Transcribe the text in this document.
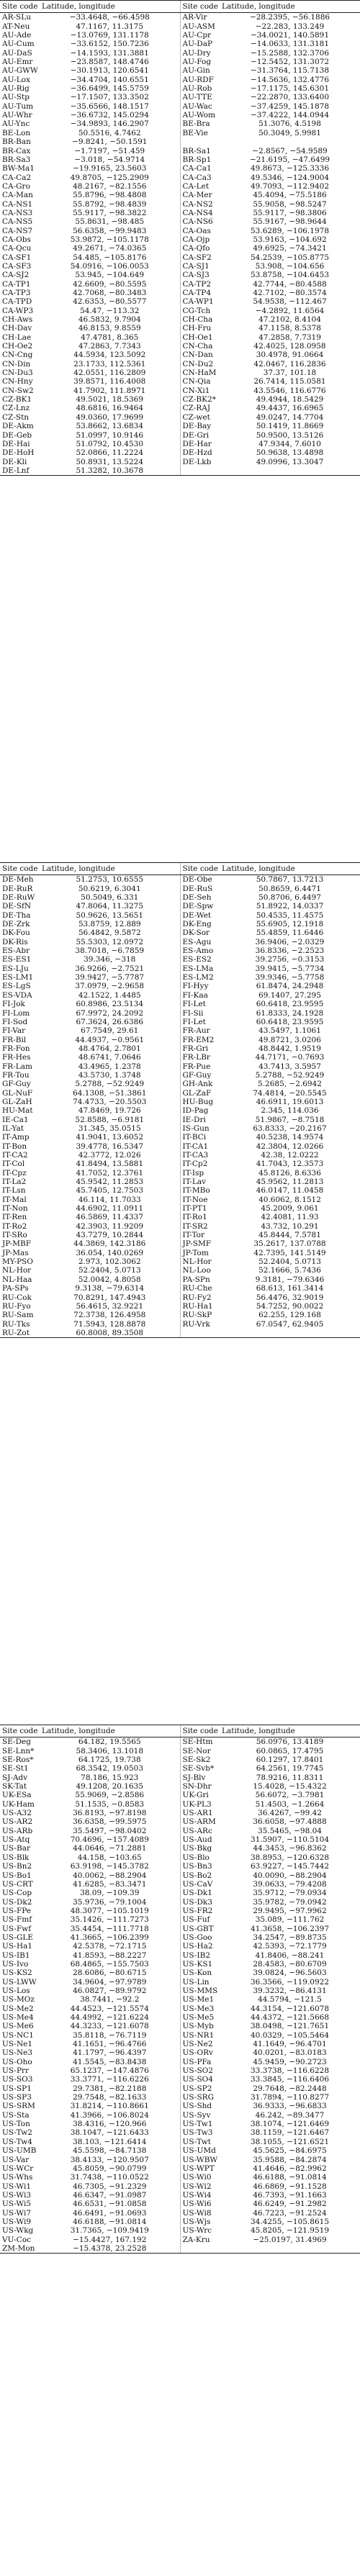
Site code	Latitude, longitude	Site code	Latitude, longitude
AR-SLu	−33.4648, −66.4598	AR-Vir	−28.2395, −56.1886
AT-Neu	47.1167, 11.3175	AU-ASM	−22.283, 133.249
AU-Ade	−13.0769, 131.1178	AU-Cpr	−34.0021, 140.5891
AU-Cum	−33.6152, 150.7236	AU-DaP	−14.0633, 131.3181
AU-DaS	−14.1593, 131.3881	AU-Dry	−15.2588, 132.3706
AU-Emr	−23.8587, 148.4746	AU-Fog	−12.5452, 131.3072
AU-GWW	−30.1913, 120.6541	AU-Gin	−31.3764, 115.7138
AU-Lox	−34.4704, 140.6551	AU-RDF	−14.5636, 132.4776
AU-Rig	−36.6499, 145.5759	AU-Rob	−17.1175, 145.6301
AU-Stp	−17.1507, 133.3502	AU-TTE	−22.2870, 133.6400
AU-Tum	−35.6566, 148.1517	AU-Wac	−37.4259, 145.1878
AU-Whr	−36.6732, 145.0294	AU-Wom	−37.4222, 144.0944
AU-Ync	−34.9893, 146.2907	BE-Bra	51.3076, 4.5198
BE-Lon	50.5516, 4.7462	BE-Vie	50.3049, 5.9981
BR-Ban	−9.8241, −50.1591		
BR-Cax	−1.7197, −51.459	BR-Sa1	−2.8567, −54.9589
BR-Sa3	−3.018, −54.9714	BR-Sp1	−21.6195, −47.6499
BW-Ma1	−19.9165, 23.5603	CA-Ca1	49.8673, −125.3336
CA-Ca2	49.8705, −125.2909	CA-Ca3	49.5346, −124.9004
CA-Gro	48.2167, −82.1556	CA-Let	49.7093, −112.9402
CA-Man	55.8796, −98.4808	CA-Mer	45.4094, −75.5186
CA-NS1	55.8792, −98.4839	CA-NS2	55.9058, −98.5247
CA-NS3	55.9117, −98.3822	CA-NS4	55.9117, −98.3806
CA-NS5	55.8631, −98.485	CA-NS6	55.9167, −98.9644
CA-NS7	56.6358, −99.9483	CA-Oas	53.6289, −106.1978
CA-Obs	53.9872, −105.1178	CA-Ojp	53.9163, −104.692
CA-Qcu	49.2671, −74.0365	CA-Qfo	49.6925, −74.3421
CA-SF1	54.485, −105.8176	CA-SF2	54.2539, −105.8775
CA-SF3	54.0916, −106.0053	CA-SJ1	53.908, −104.656
CA-SJ2	53.945, −104.649	CA-SJ3	53.8758, −104.6453
CA-TP1	42.6609, −80.5595	CA-TP2	42.7744, −80.4588
CA-TP3	42.7068, −80.3483	CA-TP4	42.7102, −80.3574
CA-TPD	42.6353, −80.5577	CA-WP1	54.9538, −112.467
CA-WP3	54.47, −113.32	CG-Tch	−4.2892, 11.6564
CH-Aws	46.5832, 9.7904	CH-Cha	47.2102, 8.4104
CH-Dav	46.8153, 9.8559	CH-Fru	47.1158, 8.5378
CH-Lae	47.4781, 8.365	CH-Oe1	47.2858, 7.7319
CH-Oe2	47.2863, 7.7343	CN-Cha	42.4025, 128.0958
CN-Cng	44.5934, 123.5092	CN-Dan	30.4978, 91.0664
CN-Din	23.1733, 112.5361	CN-Du2	42.0467, 116.2836
CN-Du3	42.0551, 116.2809	CN-HaM	37.37, 101.18
CN-Hny	39.8571, 116.4008	CN-Qia	26.7414, 115.0581
CN-Sw2	41.7902, 111.8971	CN-Xi1	43.5546, 116.6776
CZ-BK1	49.5021, 18.5369	CZ-BK2*	49.4944, 18.5429
CZ-Lnz	48.6816, 16.9464	CZ-RAJ	49.4437, 16.6965
CZ-Stn	49.0360, 17.9699	CZ-wet	49.0247, 14.7704
DE-Akm	53.8662, 13.6834	DE-Bay	50.1419, 11.8669
DE-Geb	51.0997, 10.9146	DE-Gri	50.9500, 13.5126
DE-Hai	51.0792, 10.4530	DE-Har	47.9344, 7.6010
DE-HoH	52.0866, 11.2224	DE-Hzd	50.9638, 13.4898
DE-Kli	50.8931, 13.5224	DE-Lkb	49.0996, 13.3047
DE-Lnf	51.3282, 10.3678		
Site code	Latitude, longitude	Site code	Latitude, longitude
DE-Meh	51.2753, 10.6555	DE-Obe	50.7867, 13.7213
DE-RuR	50.6219, 6.3041	DE-RuS	50.8659, 6.4471
DE-RuW	50.5049, 6.331	DE-Seh	50.8706, 6.4497
DE-SfN	47.8064, 11.3275	DE-Spw	51.8922, 14.0337
DE-Tha	50.9626, 13.5651	DE-Wet	50.4535, 11.4575
DE-Zrk	53.8759, 12.889	DK-Eng	55.6905, 12.1918
DK-Fou	56.4842, 9.5872	DK-Sor	55.4859, 11.6446
DK-Ris	55.5303, 12.0972	ES-Agu	36.9406, −2.0329
ES-Abr	38.7018, −6.7859	ES-Amo	36.8336, −2.2523
ES-ES1	39.346, −318	ES-ES2	39.2756, −0.3153
ES-LJu	36.9266, −2.7521	ES-LMa	39.9415, −5.7734
ES-LM1	39.9427, −5.7787	ES-LM2	39.9346, −5.7758
ES-LgS	37.0979, −2.9658	FI-Hyy	61.8474, 24.2948
ES-VDA	42.1522, 1.4485	FI-Kaa	69.1407, 27.295
FI-Jok	60.8986, 23.5134	FI-Let	60.6418, 23.9595
FI-Lom	67.9972, 24.2092	FI-Sii	61.8333, 24.1928
FI-Sod	67.3624, 26.6386	FI-Let	60.6418, 23.9595
FI-Var	67.7549, 29.61	FR-Aur	43.5497, 1.1061
FR-Bil	44.4937, −0.9561	FR-EM2	49.8721, 3.0206
FR-Fon	48.4764, 2.7801	FR-Gri	48.8442, 1.9519
FR-Hes	48.6741, 7.0646	FR-LBr	44.7171, −0.7693
FR-Lam	43.4965, 1.2378	FR-Pue	43.7413, 3.5957
FR-Tou	43.5730, 1.3748	GF-Guy	5.2788, −52.9249
GF-Guy	5.2788, −52.9249	GH-Ank	5.2685, −2.6942
GL-NuF	64.1308, −51.3861	GL-ZaF	74.4814, −20.5545
GL-ZaH	74.4733, −20.5503	HU-Bug	46.6911, 19.6013
HU-Mat	47.8469, 19.726	ID-Pag	2.345, 114.036
IE-Ca1	52.8588, −6.9181	IE-Dri	51.9867, −8.7518
IL-Yat	31.345, 35.0515	IS-Gun	63.8333, −20.2167
IT-Amp	41.9041, 13.6052	IT-BCi	40.5238, 14.9574
IT-Bon	39.4778, 16.5347	IT-CA1	42.3804, 12.0266
IT-CA2	42.3772, 12.026	IT-CA3	42.38, 12.0222
IT-Col	41.8494, 13.5881	IT-Cp2	41.7043, 12.3573
IT-Cpz	41.7052, 12.3761	IT-Isp	45.8126, 8.6336
IT-La2	45.9542, 11.2853	IT-Lav	45.9562, 11.2813
IT-Lsn	45.7405, 12.7503	IT-MBo	46.0147, 11.0458
IT-Mal	46.114, 11.7033	IT-Noe	40.6062, 8.1512
IT-Non	44.6902, 11.0911	IT-PT1	45.2009, 9.061
IT-Ren	46.5869, 11.4337	IT-Ro1	42.4081, 11.93
IT-Ro2	42.3903, 11.9209	IT-SR2	43.732, 10.291
IT-SRo	43.7279, 10.2844	IT-Tor	45.8444, 7.5781
JP-MBF	44.3869, 142.3186	JP-SMF	35.2617, 137.0788
JP-Mas	36.054, 140.0269	JP-Tom	42.7395, 141.5149
MY-PSO	2.973, 102.3062	NL-Hor	52.2404, 5.0713
NL-Hor	52.2404, 5.0713	NL-Loo	52.1666, 5.7436
NL-Haa	52.0042, 4.8058	PA-SPn	9.3181, −79.6346
PA-SPs	9.3138, −79.6314	RU-Che	68.613, 161.3414
RU-Cok	70.8291, 147.4943	RU-Fy2	56.4476, 32.9019
RU-Fyo	56.4615, 32.9221	RU-Ha1	54.7252, 90.0022
RU-Sam	72.3738, 126.4958	RU-SkP	62.255, 129.168
RU-Tks	71.5943, 128.8878	RU-Vrk	67.0547, 62.9405
RU-Zot	60.8008, 89.3508		
Site code	Latitude, longitude	Site code	Latitude, longitude
SE-Deg	64.182, 19.5565	SE-Htm	56.0976, 13.4189
SE-Lnn*	58.3406, 13.1018	SE-Nor	60.0865, 17.4795
SE-Ros*	64.1725, 19.738	SE-Sk2	60.1297, 17.8401
SE-St1	68.3542, 19.0503	SE-Svb*	64.2561, 19.7745
SJ-Adv	78.186, 15.923	SJ-Blv	78.9216, 11.8311
SK-Tat	49.1208, 20.1635	SN-Dhr	15.4028, −15.4322
UK-ESa	55.9069, −2.8586	UK-Gri	56.6072, −3.7981
UK-Ham	51.1535, −0.8583	UK-PL3	51.4503, −1.2664
US-A32	36.8193, −97.8198	US-AR1	36.4267, −99.42
US-AR2	36.6358, −99.5975	US-ARM	36.6058, −97.4888
US-ARb	35.5497, −98.0402	US-ARc	35.5465, −98.04
US-Atq	70.4696, −157.4089	US-Aud	31.5907, −110.5104
US-Bar	44.0646, −71.2881	US-Bkg	44.3453, −96.8362
US-Blk	44.158, −103.65	US-Blo	38.8953, −120.6328
US-Bn2	63.9198, −145.3782	US-Bn3	63.9227, −145.7442
US-Bo1	40.0062, −88.2904	US-Bo2	40.0090, −88.2904
US-CRT	41.6285, −83.3471	US-CaV	39.0633, −79.4208
US-Cop	38.09, −109.39	US-Dk1	35.9712, −79.0934
US-Dk2	35.9736, −79.1004	US-Dk3	35.9782, −79.0942
US-FPe	48.3077, −105.1019	US-FR2	29.9495, −97.9962
US-Fmf	35.1426, −111.7273	US-Fuf	35.089, −111.762
US-Fwf	35.4454, −111.7718	US-GBT	41.3658, −106.2397
US-GLE	41.3665, −106.2399	US-Goo	34.2547, −89.8735
US-Ha1	42.5378, −72.1715	US-Ha2	42.5393, −72.1779
US-IB1	41.8593, −88.2227	US-IB2	41.8406, −88.241
US-Ivo	68.4865, −155.7503	US-KS1	28.4583, −80.6709
US-KS2	28.6086, −80.6715	US-Kon	39.0824, −96.5603
US-LWW	34.9604, −97.9789	US-Lin	36.3566, −119.0922
US-Los	46.0827, −89.9792	US-MMS	39.3232, −86.4131
US-MOz	38.7441, −92.2	US-Me1	44.5794, −121.5
US-Me2	44.4523, −121.5574	US-Me3	44.3154, −121.6078
US-Me4	44.4992, −121.6224	US-Me5	44.4372, −121.5668
US-Me6	44.3233, −121.6078	US-Myb	38.0498, −121.7651
US-NC1	35.8118, −76.7119	US-NR1	40.0329, −105.5464
US-Ne1	41.1651, −96.4766	US-Ne2	41.1649, −96.4701
US-Ne3	41.1797, −96.4397	US-ORv	40.0201, −83.0183
US-Oho	41.5545, −83.8438	US-PFa	45.9459, −90.2723
US-Prr	65.1237, −147.4876	US-SO2	33.3738, −116.6228
US-SO3	33.3771, −116.6226	US-SO4	33.3845, −116.6406
US-SP1	29.7381, −82.2188	US-SP2	29.7648, −82.2448
US-SP3	29.7548, −82.1633	US-SRG	31.7894, −110.8277
US-SRM	31.8214, −110.8661	US-Shd	36.9333, −96.6833
US-Sta	41.3966, −106.8024	US-Syv	46.242, −89.3477
US-Ton	38.4316, −120.966	US-Tw1	38.1074, −121.6469
US-Tw2	38.1047, −121.6433	US-Tw3	38.1159, −121.6467
US-Tw4	38.103, −121.6414	US-Twt	38.1055, −121.6521
US-UMB	45.5598, −84.7138	US-UMd	45.5625, −84.6975
US-Var	38.4133, −120.9507	US-WBW	35.9588, −84.2874
US-WCr	45.8059, −90.0799	US-WPT	41.4646, −82.9962
US-Whs	31.7438, −110.0522	US-Wi0	46.6188, −91.0814
US-Wi1	46.7305, −91.2329	US-Wi2	46.6869, −91.1528
US-Wi3	46.6347, −91.0987	US-Wi4	46.7393, −91.1663
US-Wi5	46.6531, −91.0858	US-Wi6	46.6249, −91.2982
US-Wi7	46.6491, −91.0693	US-Wi8	46.7223, −91.2524
US-Wi9	46.6188, −91.0814	US-Wjs	34.4255, −105.8615
US-Wkg	31.7365, −109.9419	US-Wrc	45.8205, −121.9519
VU-Coc	−15.4427, 167.192	ZA-Kru	−25.0197, 31.4969
ZM-Mon	−15.4378, 23.2528		
